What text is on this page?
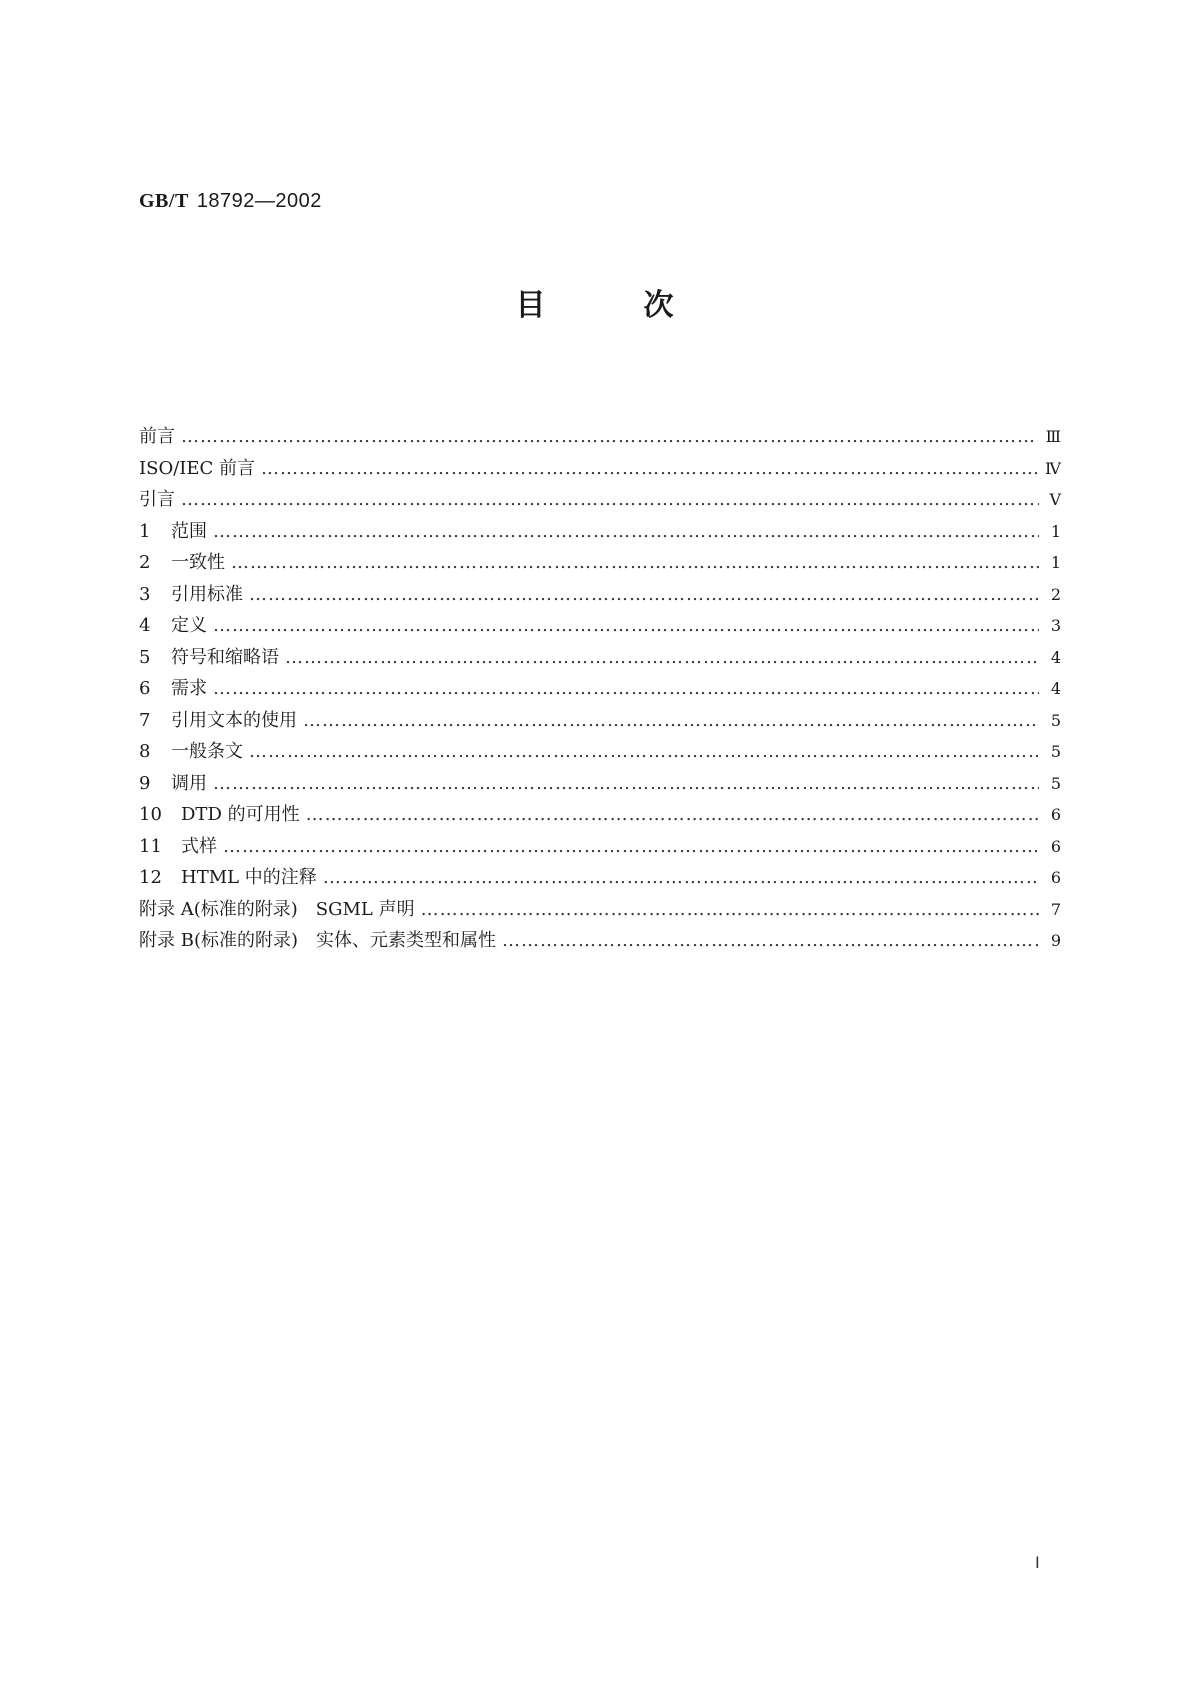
GB/T 18792—2002
目	次
前言 ………………………………………………………………………………………………………………………………………………………………………………………………………………………………	Ⅲ
ISO/IEC 前言 ………………………………………………………………………………………………………………………………………………………………………………………………………………………………	Ⅳ
引言 ………………………………………………………………………………………………………………………………………………………………………………………………………………………………	Ⅴ
1	范围 ………………………………………………………………………………………………………………………………………………………………………………………………………………………………	1
2	一致性 ………………………………………………………………………………………………………………………………………………………………………………………………………………………………	1
3	引用标准 ………………………………………………………………………………………………………………………………………………………………………………………………………………………………	2
4	定义 ………………………………………………………………………………………………………………………………………………………………………………………………………………………………	3
5	符号和缩略语 ………………………………………………………………………………………………………………………………………………………………………………………………………………………………	4
6	需求 ………………………………………………………………………………………………………………………………………………………………………………………………………………………………	4
7	引用文本的使用 ………………………………………………………………………………………………………………………………………………………………………………………………………………………………	5
8	一般条文 ………………………………………………………………………………………………………………………………………………………………………………………………………………………………	5
9	调用 ………………………………………………………………………………………………………………………………………………………………………………………………………………………………	5
10	DTD 的可用性 ………………………………………………………………………………………………………………………………………………………………………………………………………………………………	6
11	式样 ………………………………………………………………………………………………………………………………………………………………………………………………………………………………	6
12	HTML 中的注释 ………………………………………………………………………………………………………………………………………………………………………………………………………………………………	6
附录 A(标准的附录)　SGML 声明 ………………………………………………………………………………………………………………………………………………………………………………………………………………………………	7
附录 B(标准的附录)　实体、元素类型和属性 ………………………………………………………………………………………………………………………………………………………………………………………………………………………………	9
Ⅰ
